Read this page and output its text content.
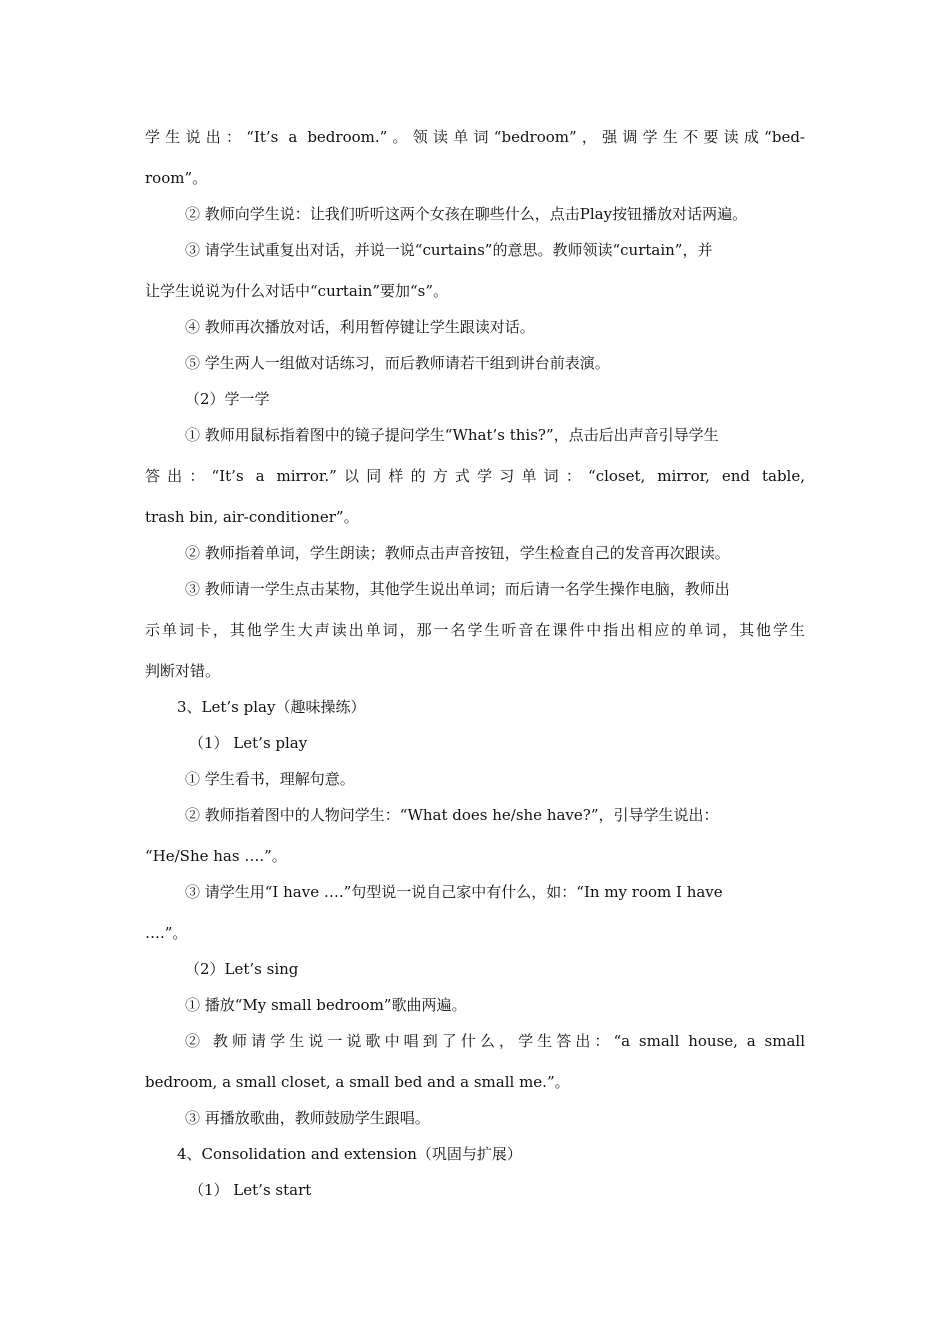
学生说出：“It’s a bedroom.”。领读单词“bedroom”，强调学生不要读成“bed-
room”。
② 教师向学生说：让我们听听这两个女孩在聊些什么，点击Play按钮播放对话两遍。
③ 请学生试重复出对话，并说一说“curtains”的意思。教师领读“curtain”，并
让学生说说为什么对话中“curtain”要加“s”。
④ 教师再次播放对话，利用暂停键让学生跟读对话。
⑤ 学生两人一组做对话练习，而后教师请若干组到讲台前表演。
（2）学一学
① 教师用鼠标指着图中的镜子提问学生“What’s this?”，点击后出声音引导学生
答出：“It’s a mirror.”以同样的方式学习单词：“closet, mirror, end table,
trash bin, air-conditioner”。
② 教师指着单词，学生朗读；教师点击声音按钮，学生检查自己的发音再次跟读。
③ 教师请一学生点击某物，其他学生说出单词；而后请一名学生操作电脑，教师出
示单词卡，其他学生大声读出单词，那一名学生听音在课件中指出相应的单词，其他学生
判断对错。
3、Let’s play（趣味操练）
（1） Let’s play
① 学生看书，理解句意。
② 教师指着图中的人物问学生：“What does he/she have?”，引导学生说出：
“He/She has ….”。
③ 请学生用“I have ….”句型说一说自己家中有什么，如：“In my room I have
….”。
（2）Let’s sing
① 播放“My small bedroom”歌曲两遍。
② 教师请学生说一说歌中唱到了什么，学生答出：“a small house, a small
bedroom, a small closet, a small bed and a small me.”。
③ 再播放歌曲，教师鼓励学生跟唱。
4、Consolidation and extension（巩固与扩展）
（1） Let’s start
